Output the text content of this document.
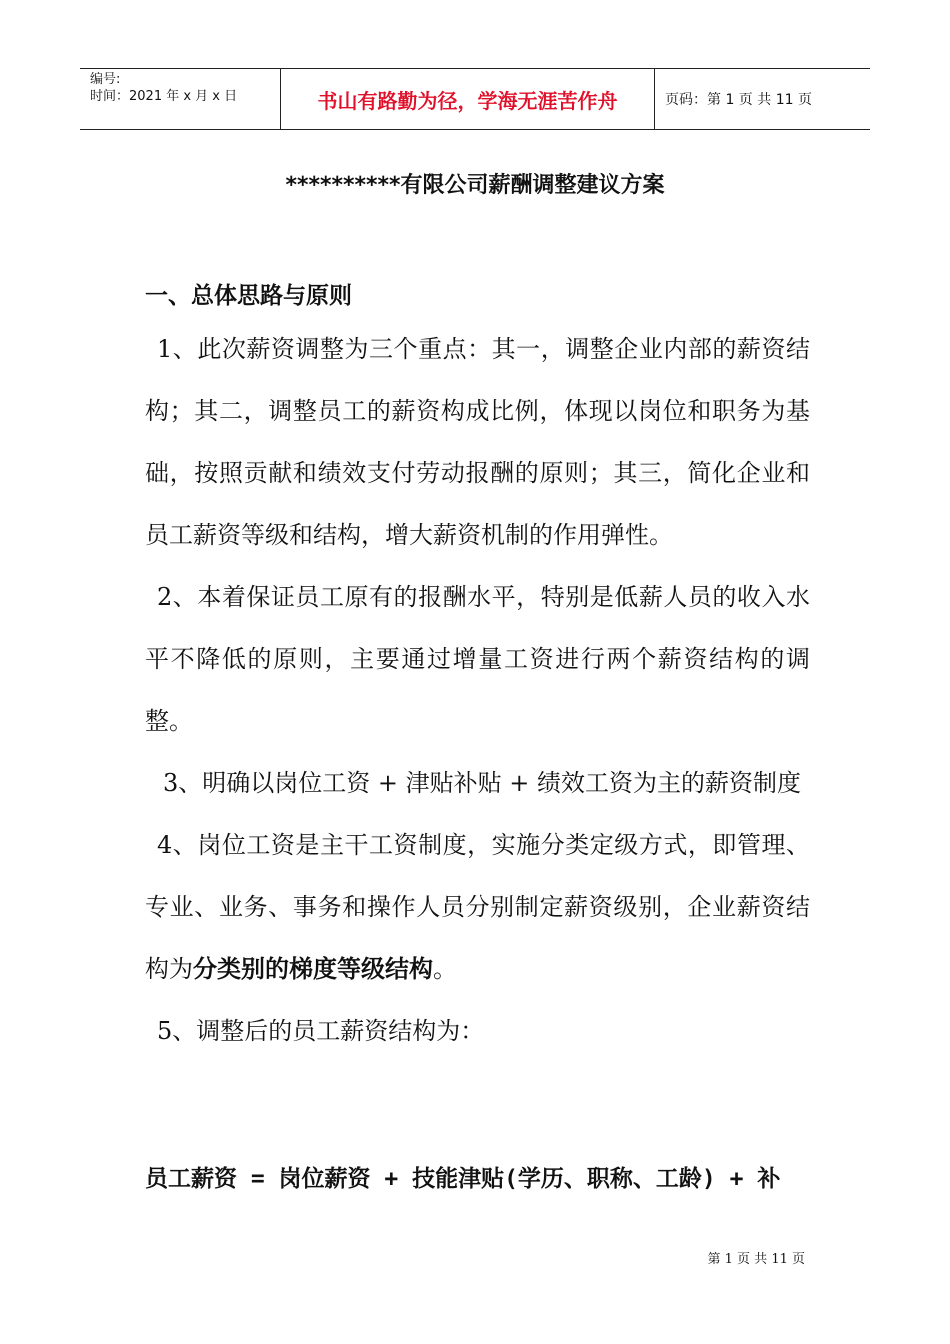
编号:
时间：2021 年 x 月 x 日	书山有路勤为径，学海无涯苦作舟	页码：第 1 页 共 11 页
**********有限公司薪酬调整建议方案
一、总体思路与原则
1、此次薪资调整为三个重点：其一，调整企业内部的薪资结构；其二，调整员工的薪资构成比例，体现以岗位和职务为基础，按照贡献和绩效支付劳动报酬的原则；其三，简化企业和员工薪资等级和结构，增大薪资机制的作用弹性。
2、本着保证员工原有的报酬水平，特别是低薪人员的收入水平不降低的原则，主要通过增量工资进行两个薪资结构的调整。
3、明确以岗位工资 + 津贴补贴 + 绩效工资为主的薪资制度
4、岗位工资是主干工资制度，实施分类定级方式，即管理、专业、业务、事务和操作人员分别制定薪资级别，企业薪资结构为分类别的梯度等级结构。
5、调整后的员工薪资结构为：
员工薪资 = 岗位薪资 + 技能津贴(学历、职称、工龄) + 补
第 1 页 共 11 页
